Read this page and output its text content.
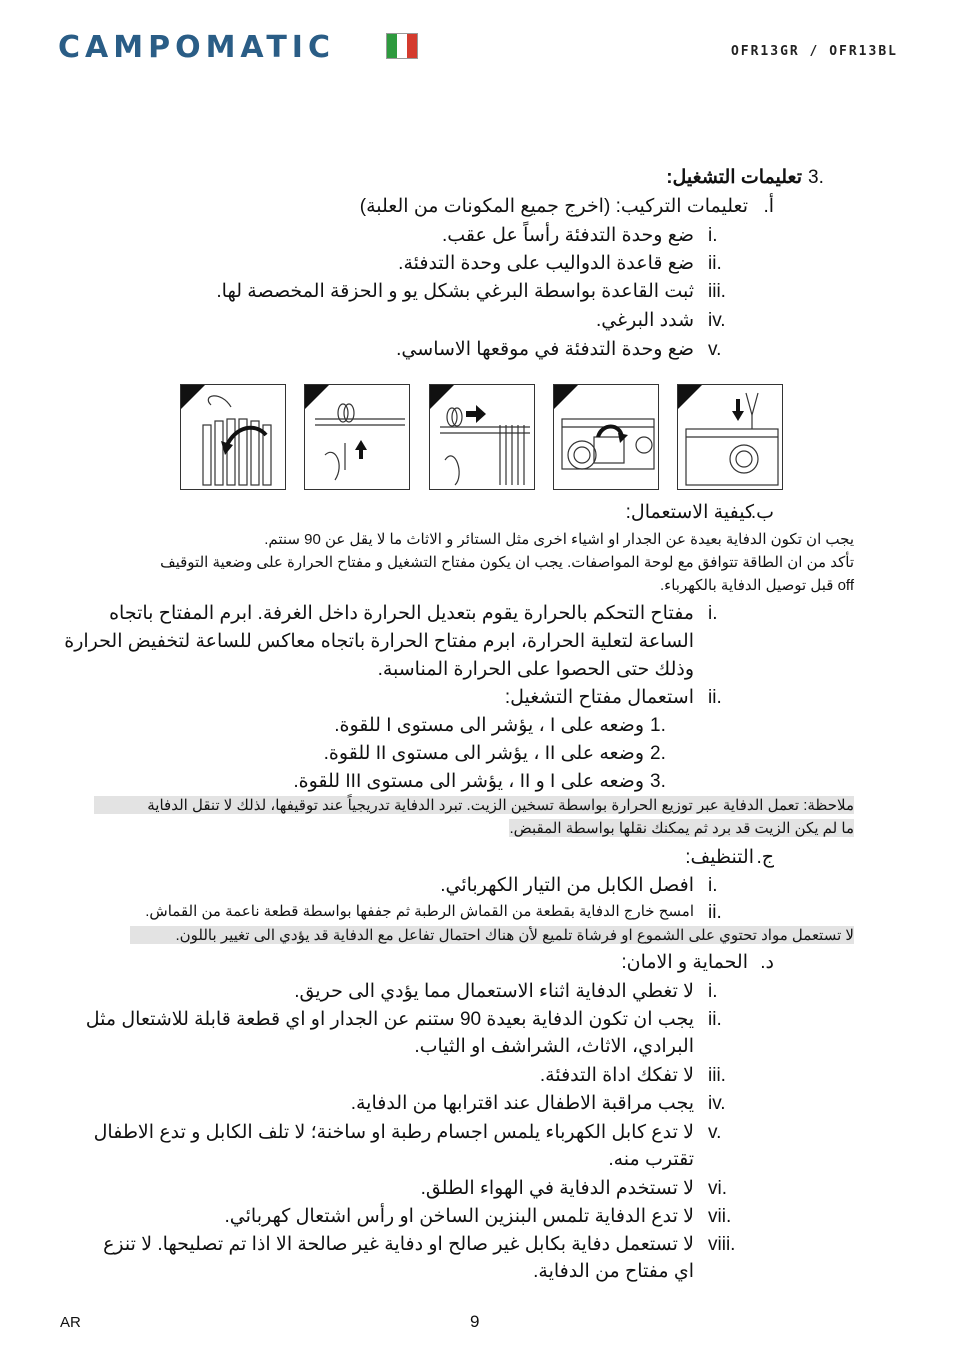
CAMPOMATIC	OFR13GR / OFR13BL
3.
تعليمات التشغيل:
أ.
تعليمات التركيب: (اخرج جميع المكونات من العلبة)
i.
ضع وحدة التدفئة رأساً عل عقب.
ii.
ضع قاعدة الدواليب على وحدة التدفئة.
iii.
ثبت القاعدة بواسطة البرغي بشكل يو و الحزقة المخصصة لها.
iv.
شدد البرغي.
v.
ضع وحدة التدفئة في موقعها الاساسي.
ب.
كيفية الاستعمال:
يجب ان تكون الدفاية بعيدة عن الجدار او اشياء اخرى مثل الستائر و الاثاث ما لا يقل عن 90 سنتم.
تأكد من ان الطاقة تتوافق مع لوحة المواصفات. يجب ان يكون مفتاح التشغيل و مفتاح الحرارة على وضعية التوقيف
off قبل توصيل الدفاية بالكهرباء.
i.
مفتاح التحكم بالحرارة يقوم بتعديل الحرارة داخل الغرفة. ابرم المفتاح باتجاه
الساعة لتعلية الحرارة، ابرم مفتاح الحرارة باتجاه معاكس للساعة لتخفيض الحرارة
وذلك حتى الحصوا على الحرارة المناسبة.
ii.
استعمال مفتاح التشغيل:
1.
وضعه على I ، يؤشر الى مستوى I للقوة.
2.
وضعه على II ، يؤشر الى مستوى II للقوة.
3.
وضعه على I و II ، يؤشر الى مستوى III للقوة.
ملاحظة: تعمل الدفاية عبر توزيع الحرارة بواسطة تسخين الزيت. تبرد الدفاية تدريجياً عند توقيفها، لذلك لا تنقل الدفاية
ما لم يكن الزيت قد برد ثم يمكنك نقلها بواسطة المقبض.
ج.
التنظيف:
i.
افصل الكابل من التيار الكهربائي.
ii.
امسح خارج الدفاية بقطعة من القماش الرطبة ثم جففها بواسطة قطعة ناعمة من القماش.
لا تستعمل مواد تحتوي على الشموع او فرشاة تلميع لأن هناك احتمال تفاعل مع الدفاية قد يؤدي الى تغيير باللون.
د.
الحماية و الامان:
i.
لا تغطي الدفاية اثناء الاستعمال مما يؤدي الى حريق.
ii.
يجب ان تكون الدفاية بعيدة 90 ستنم عن الجدار او اي قطعة قابلة للاشتعال مثل
البرادي، الاثاث، الشراشف او الثياب.
iii.
لا تفكك اداة التدفئة.
iv.
يجب مراقبة الاطفال عند اقترابها من الدفاية.
v.
لا تدع كابل الكهرباء يلمس اجسام رطبة او ساخنة؛ لا تلف الكابل و تدع الاطفال
تقترب منه.
vi.
لا تستخدم الدفاية في الهواء الطلق.
vii.
لا تدع الدفاية تلمس البنزين الساخن او رأس اشتعال كهربائي.
viii.
لا تستعمل دفاية بكابل غير صالح او دفاية غير صالحة الا اذا تم تصليحها. لا تنزع
اي مفتاح من الدفاية.
AR	9
